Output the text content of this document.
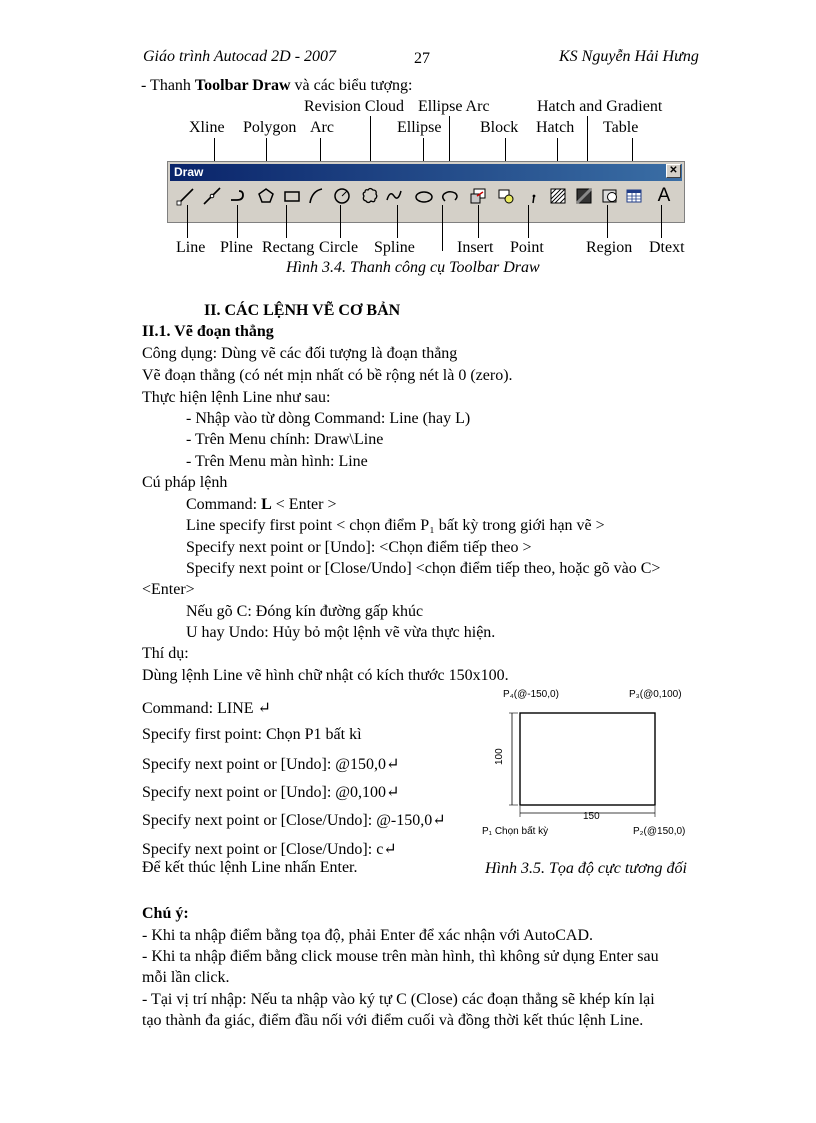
Giáo trình Autocad 2D - 2007	27	KS Nguyễn Hải Hưng
- Thanh Toolbar Draw và các biểu tượng:
Revision Cloud Ellipse Arc	Hatch and Gradient
Xline Polygon Arc	Ellipse Block Hatch Table
Draw	✕
A
Line Pline Rectang Circle Spline	Insert Point	Region Dtext
Hình 3.4. Thanh công cụ Toolbar Draw
II. CÁC LỆNH VẼ CƠ BẢN
II.1. Vẽ đoạn thẳng
Công dụng: Dùng vẽ các đối tượng là đoạn thẳng
Vẽ đoạn thẳng (có nét mịn nhất có bề rộng nét là 0 (zero).
Thực hiện lệnh Line như sau:
- Nhập vào từ dòng Command: Line (hay L)
- Trên Menu chính: Draw\Line
- Trên Menu màn hình: Line
Cú pháp lệnh
Command: L < Enter >
Line specify first point < chọn điểm P₁ bất kỳ trong giới hạn vẽ >
Specify next point or [Undo]: <Chọn điểm tiếp theo >
Specify next point or [Close/Undo] <chọn điểm tiếp theo, hoặc gõ vào C>
<Enter>
Nếu gõ C: Đóng kín đường gấp khúc
U hay Undo: Hủy bỏ một lệnh vẽ vừa thực hiện.
Thí dụ:
Dùng lệnh Line vẽ hình chữ nhật có kích thước 150x100.
Command: LINE ↵
Specify first point: Chọn P1 bất kì
Specify next point or [Undo]: @150,0↵
Specify next point or [Undo]: @0,100↵
Specify next point or [Close/Undo]: @-150,0↵
Specify next point or [Close/Undo]: c↵
Để kết thúc lệnh Line nhấn Enter.
P₄(@-150,0)	P₃(@0,100)
150
100
P₁ Chọn bất kỳ	P₂(@150,0)
Hình 3.5. Tọa độ cực tương đối
Chú ý:
- Khi ta nhập điểm bằng tọa độ, phải Enter để xác nhận với AutoCAD.
- Khi ta nhập điểm bằng click mouse trên màn hình, thì không sử dụng Enter sau
mỗi lần click.
- Tại vị trí nhập: Nếu ta nhập vào ký tự C (Close) các đoạn thẳng sẽ khép kín lại
tạo thành đa giác, điểm đầu nối với điểm cuối và đồng thời kết thúc lệnh Line.
